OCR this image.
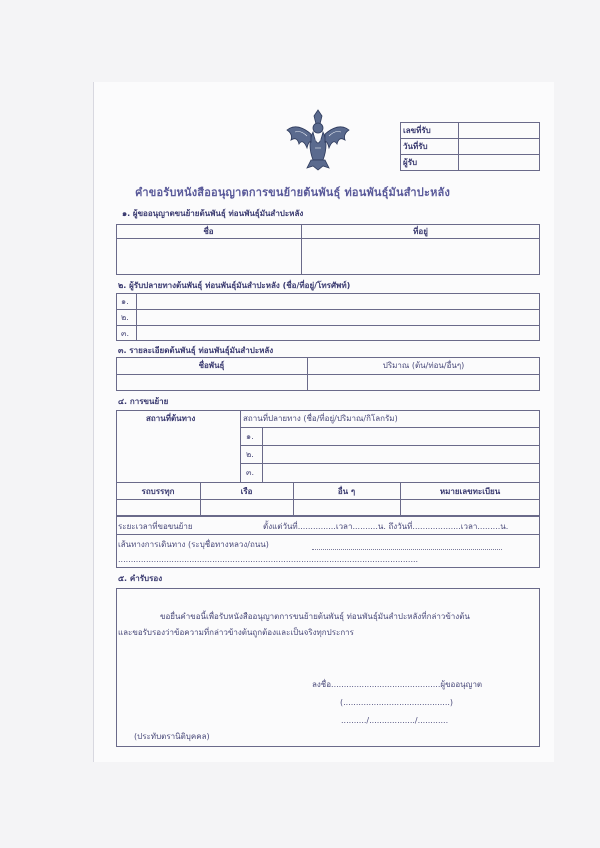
เลขที่รับ
วันที่รับ
ผู้รับ
คำขอรับหนังสืออนุญาตการขนย้ายต้นพันธุ์ ท่อนพันธุ์มันสำปะหลัง
๑. ผู้ขออนุญาตขนย้ายต้นพันธุ์ ท่อนพันธุ์มันสำปะหลัง
ชื่อ	ที่อยู่
๒. ผู้รับปลายทางต้นพันธุ์ ท่อนพันธุ์มันสำปะหลัง (ชื่อ/ที่อยู่/โทรศัพท์)
๑.
๒.
๓.
๓. รายละเอียดต้นพันธุ์ ท่อนพันธุ์มันสำปะหลัง
ชื่อพันธุ์	ปริมาณ (ต้น/ท่อน/อื่นๆ)
๔. การขนย้าย
สถานที่ต้นทาง	สถานที่ปลายทาง (ชื่อ/ที่อยู่/ปริมาณ/กิโลกรัม)
๑.
๒.
๓.
รถบรรทุก	เรือ	อื่น ๆ	หมายเลขทะเบียน
ระยะเวลาที่ขอขนย้าย	ตั้งแต่วันที่...............เวลา..........น. ถึงวันที่...................เวลา.........น.
เส้นทางการเดินทาง (ระบุชื่อทางหลวง/ถนน)
......................................................................................................................
๕. คำรับรอง
ขอยื่นคำขอนี้เพื่อรับหนังสืออนุญาตการขนย้ายต้นพันธุ์ ท่อนพันธุ์มันสำปะหลังที่กล่าวข้างต้น
และขอรับรองว่าข้อความที่กล่าวข้างต้นถูกต้องและเป็นจริงทุกประการ
ลงชื่อ...........................................ผู้ขออนุญาต
(..........................................)
........../................../............
(ประทับตรานิติบุคคล)
